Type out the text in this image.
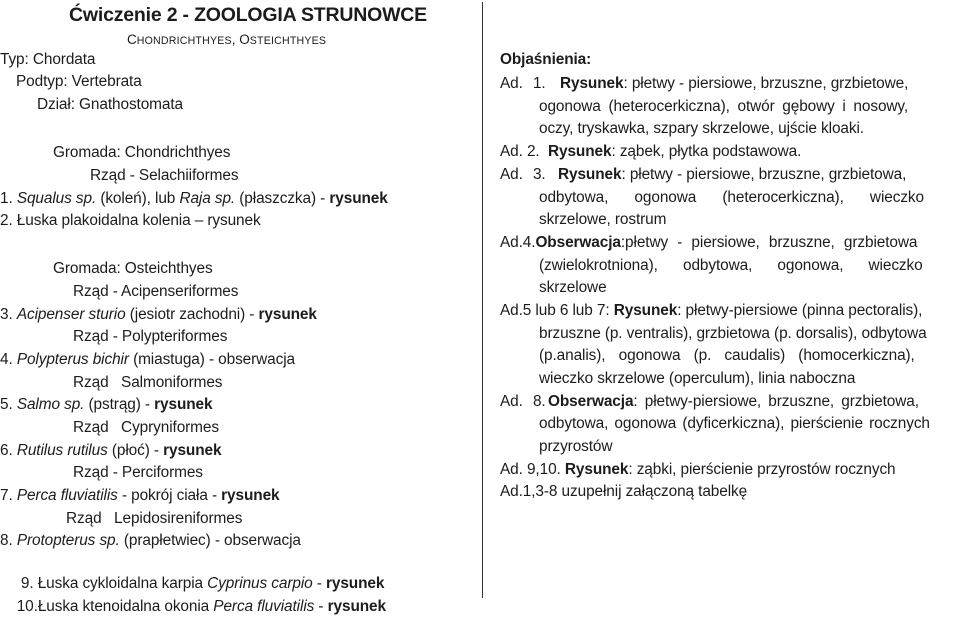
Ćwiczenie 2 - ZOOLOGIA STRUNOWCE
CHONDRICHTHYES, OSTEICHTHYES
Typ: Chordata
Podtyp: Vertebrata
Dział: Gnathostomata
Gromada: Chondrichthyes
Rząd - Selachiiformes
1. Squalus sp. (koleń), lub Raja sp. (płaszczka) - rysunek
2. Łuska plakoidalna kolenia – rysunek
Gromada: Osteichthyes
Rząd - Acipenseriformes
3. Acipenser sturio (jesiotr zachodni) - rysunek
Rząd - Polypteriformes
4. Polypterus bichir (miastuga) - obserwacja
Rząd   Salmoniformes
5. Salmo sp. (pstrąg) - rysunek
Rząd   Cypryniformes
6. Rutilus rutilus (płoć) - rysunek
Rząd - Perciformes
7. Perca fluviatilis - pokrój ciała - rysunek
Rząd   Lepidosireniformes
8. Protopterus sp. (prapłetwiec) - obserwacja

9. Łuska cykloidalna karpia Cyprinus carpio - rysunek

10.Łuska ktenoidalna okonia Perca fluviatilis - rysunek

Objaśnienia:
Ad. 1. Rysunek: płetwy - piersiowe, brzuszne, grzbietowe,
ogonowa (heterocerkiczna), otwór gębowy i nosowy,
oczy, tryskawka, szpary skrzelowe, ujście kloaki.
Ad. 2. Rysunek: ząbek, płytka podstawowa.
Ad. 3. Rysunek: płetwy - piersiowe, brzuszne, grzbietowa,
odbytowa, ogonowa (heterocerkiczna), wieczko
skrzelowe, rostrum
Ad.4.Obserwacja:płetwy - piersiowe, brzuszne, grzbietowa
(zwielokrotniona), odbytowa, ogonowa, wieczko
skrzelowe
Ad.5 lub 6 lub 7: Rysunek: płetwy-piersiowe (pinna pectoralis),
brzuszne (p. ventralis), grzbietowa (p. dorsalis), odbytowa
(p.analis), ogonowa (p. caudalis) (homocerkiczna),
wieczko skrzelowe (operculum), linia naboczna
Ad. 8. Obserwacja: płetwy-piersiowe, brzuszne, grzbietowa,
odbytowa, ogonowa (dyficerkiczna), pierścienie rocznych
przyrostów
Ad. 9,10. Rysunek: ząbki, pierścienie przyrostów rocznych
Ad.1,3-8 uzupełnij załączoną tabelkę
